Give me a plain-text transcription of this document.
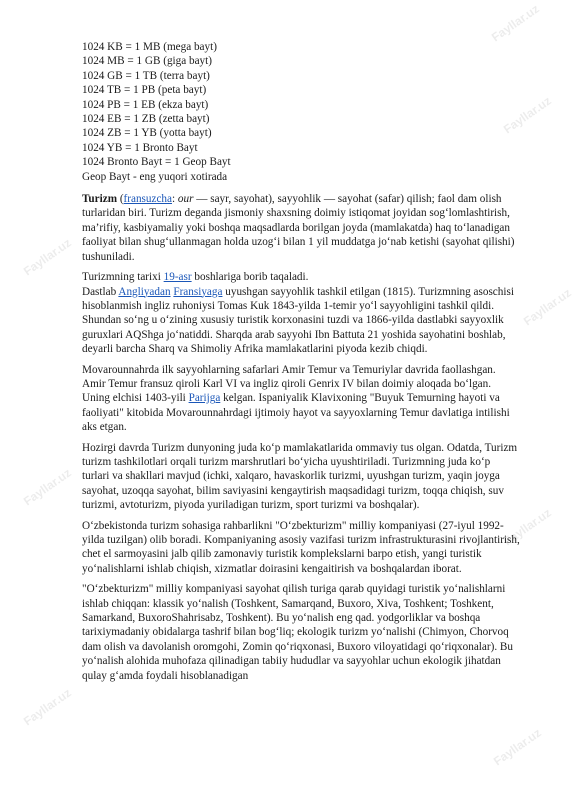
1024 KB = 1 MB (mega bayt)
1024 MB = 1 GB (giga bayt)
1024 GB = 1 TB (terra bayt)
1024 TB = 1 PB (peta bayt)
1024 PB = 1 EB (ekza bayt)
1024 EB = 1 ZB (zetta bayt)
1024 ZB = 1 YB (yotta bayt)
1024 YB = 1 Bronto Bayt
1024 Bronto Bayt = 1 Geop Bayt
Geop Bayt - eng yuqori xotirada

Turizm (fransuzcha: our — sayr, sayohat), sayyohlik — sayohat (safar) qilish; faol dam olish turlaridan biri. Turizm deganda jismoniy shaxsning doimiy istiqomat joyidan sog‘lomlashtirish, ma’rifiy, kasbiyamaliy yoki boshqa maqsadlarda borilgan joyda (mamlakatda) haq to‘lanadigan faoliyat bilan shug‘ullanmagan holda uzog‘i bilan 1 yil muddatga jo‘nab ketishi (sayohat qilishi) tushuniladi.

Turizmning tarixi 19-asr boshlariga borib taqaladi.

Dastlab Angliyadan Fransiyaga uyushgan sayyohlik tashkil etilgan (1815). Turizmning asoschisi hisoblanmish ingliz ruhoniysi Tomas Kuk 1843-yilda 1-temir yo‘l sayyohligini tashkil qildi. Shundan so‘ng u o‘zining xususiy turistik korxonasini tuzdi va 1866-yilda dastlabki sayyoxlik guruxlari AQShga jo‘natiddi. Sharqda arab sayyohi Ibn Battuta 21 yoshida sayohatini boshlab, deyarli barcha Sharq va Shimoliy Afrika mamlakatlarini piyoda kezib chiqdi.

Movarounnahrda ilk sayyohlarning safarlari Amir Temur va Temuriylar davrida faollashgan. Amir Temur fransuz qiroli Karl VI va ingliz qiroli Genrix IV bilan doimiy aloqada bo‘lgan. Uning elchisi 1403-yili Parijga kelgan. Ispaniyalik Klavixoning "Buyuk Temurning hayoti va faoliyati" kitobida Movarounnahrdagi ijtimoiy hayot va sayyoxlarning Temur davlatiga intilishi aks etgan.

Hozirgi davrda Turizm dunyoning juda ko‘p mamlakatlarida ommaviy tus olgan. Odatda, Turizm turizm tashkilotlari orqali turizm marshrutlari bo‘yicha uyushtiriladi. Turizmning juda ko‘p turlari va shakllari mavjud (ichki, xalqaro, havaskorlik turizmi, uyushgan turizm, yaqin joyga sayohat, uzoqqa sayohat, bilim saviyasini kengaytirish maqsadidagi turizm, toqqa chiqish, suv turizmi, avtoturizm, piyoda yuriladigan turizm, sport turizmi va boshqalar).

O‘zbekistonda turizm sohasiga rahbarlikni "O‘zbekturizm" milliy kompaniyasi (27-iyul 1992-yilda tuzilgan) olib boradi. Kompaniyaning asosiy vazifasi turizm infrastrukturasini rivojlantirish, chet el sarmoyasini jalb qilib zamonaviy turistik komplekslarni barpo etish, yangi turistik yo‘nalishlarni ishlab chiqish, xizmatlar doirasini kengaitirish va boshqalardan iborat.

"O‘zbekturizm" milliy kompaniyasi sayohat qilish turiga qarab quyidagi turistik yo‘nalishlarni ishlab chiqqan: klassik yo‘nalish (Toshkent, Samarqand, Buxoro, Xiva, Toshkent; Toshkent, Samarkand, BuxoroShahrisabz, Toshkent). Bu yo‘nalish eng qad. yodgorliklar va boshqa tarixiymadaniy obidalarga tashrif bilan bog‘liq; ekologik turizm yo‘nalishi (Chimyon, Chorvoq dam olish va davolanish oromgohi, Zomin qo‘riqxonasi, Buxoro viloyatidagi qo‘riqxonalar). Bu yo‘nalish alohida muhofaza qilinadigan tabiiy hududlar va sayyohlar uchun ekologik jihatdan qulay g‘amda foydali hisoblanadigan

Fayllar.uz
Fayllar.uz
Fayllar.uz
Fayllar.uz
Fayllar.uz
Fayllar.uz
Fayllar.uz
Fayllar.uz
